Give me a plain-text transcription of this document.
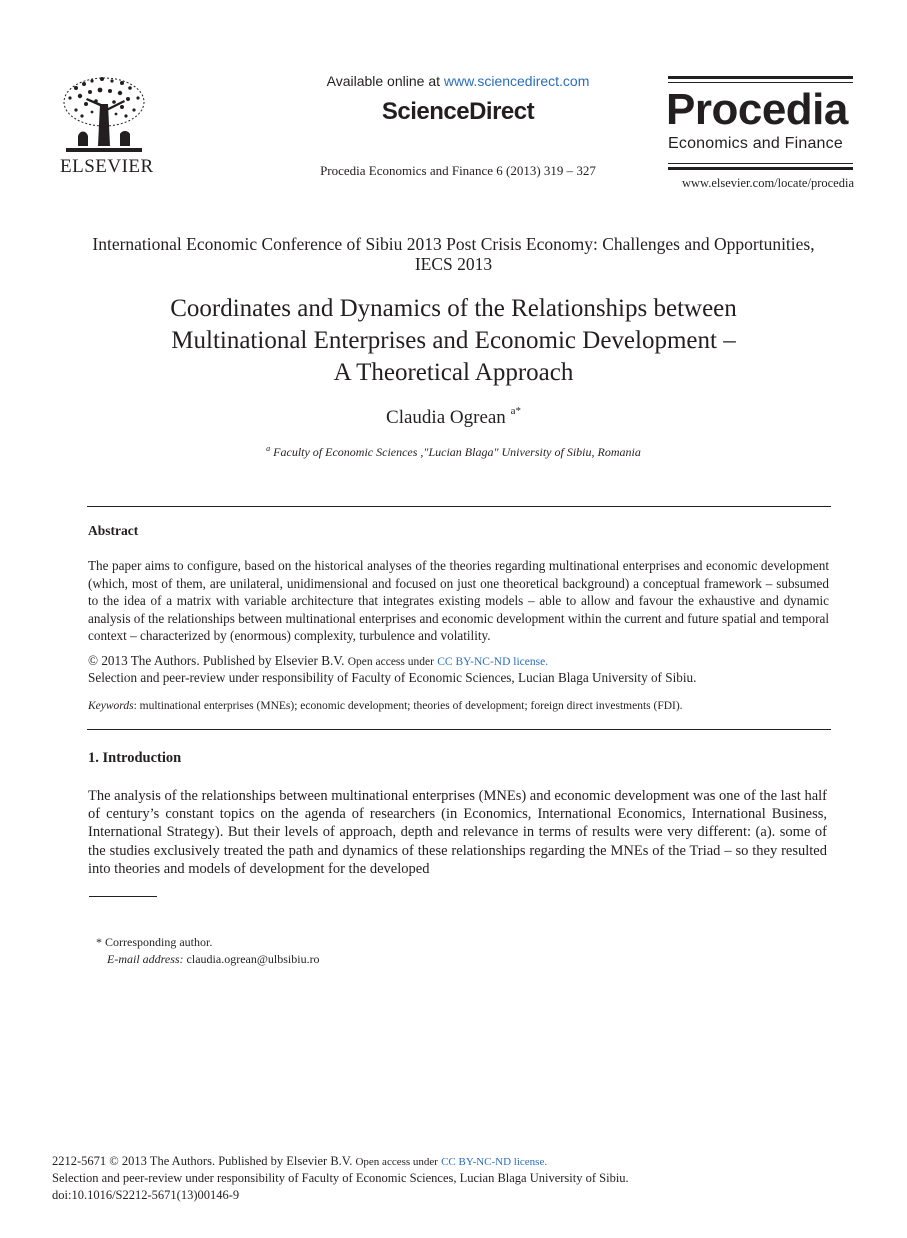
ELSEVIER
Available online at www.sciencedirect.com
ScienceDirect
Procedia Economics and Finance 6 (2013) 319 – 327
Procedia
Economics and Finance
www.elsevier.com/locate/procedia
International Economic Conference of Sibiu 2013 Post Crisis Economy: Challenges and Opportunities, IECS 2013
Coordinates and Dynamics of the Relationships between
Multinational Enterprises and Economic Development –
A Theoretical Approach
Claudia Ogrean $^{a*}$
$^a$ Faculty of Economic Sciences ,"Lucian Blaga" University of Sibiu, Romania
Abstract
The paper aims to configure, based on the historical analyses of the theories regarding multinational enterprises and economic development (which, most of them, are unilateral, unidimensional and focused on just one theoretical background) a conceptual framework – subsumed to the idea of a matrix with variable architecture that integrates existing models – able to allow and favour the exhaustive and dynamic analysis of the relationships between multinational enterprises and economic development within the current and future spatial and temporal context – characterized by (enormous) complexity, turbulence and volatility.
© 2013 The Authors. Published by Elsevier B.V. Open access under CC BY-NC-ND license.
Selection and peer-review under responsibility of Faculty of Economic Sciences, Lucian Blaga University of Sibiu.
Keywords: multinational enterprises (MNEs); economic development; theories of development; foreign direct investments (FDI).
1. Introduction
The analysis of the relationships between multinational enterprises (MNEs) and economic development was one of the last half of century’s constant topics on the agenda of researchers (in Economics, International Economics, International Business, International Strategy). But their levels of approach, depth and relevance in terms of results were very different: (a). some of the studies exclusively treated the path and dynamics of these relationships regarding the MNEs of the Triad – so they resulted into theories and models of development for the developed
* Corresponding author.
E-mail address: claudia.ogrean@ulbsibiu.ro
2212-5671 © 2013 The Authors. Published by Elsevier B.V. Open access under CC BY-NC-ND license.
Selection and peer-review under responsibility of Faculty of Economic Sciences, Lucian Blaga University of Sibiu.
doi:10.1016/S2212-5671(13)00146-9
